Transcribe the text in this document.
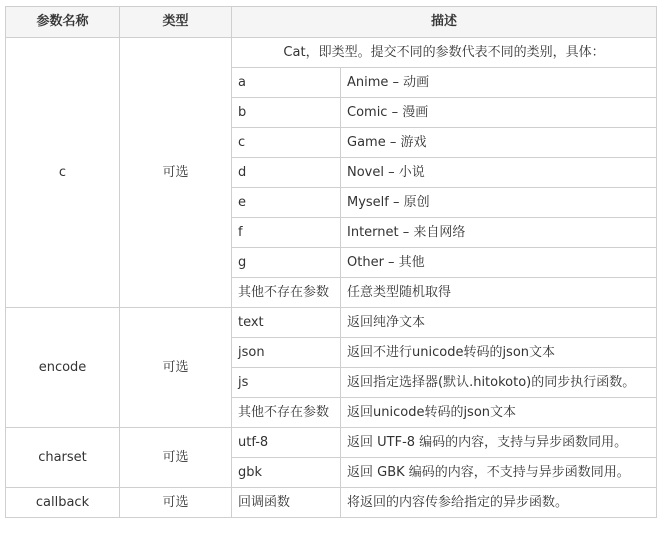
参数名称	类型	描述	
c	可选	Cat，即类型。提交不同的参数代表不同的类别，具体：	
		a	Anime – 动画
		b	Comic – 漫画
		c	Game – 游戏
		d	Novel – 小说
		e	Myself – 原创
		f	Internet – 来自网络
		g	Other – 其他
		其他不存在参数	任意类型随机取得
encode	可选	text	返回纯净文本
		json	返回不进行unicode转码的json文本
		js	返回指定选择器(默认.hitokoto)的同步执行函数。
		其他不存在参数	返回unicode转码的json文本
charset	可选	utf-8	返回 UTF-8 编码的内容，支持与异步函数同用。
		gbk	返回 GBK 编码的内容，不支持与异步函数同用。
callback	可选	回调函数	将返回的内容传参给指定的异步函数。
